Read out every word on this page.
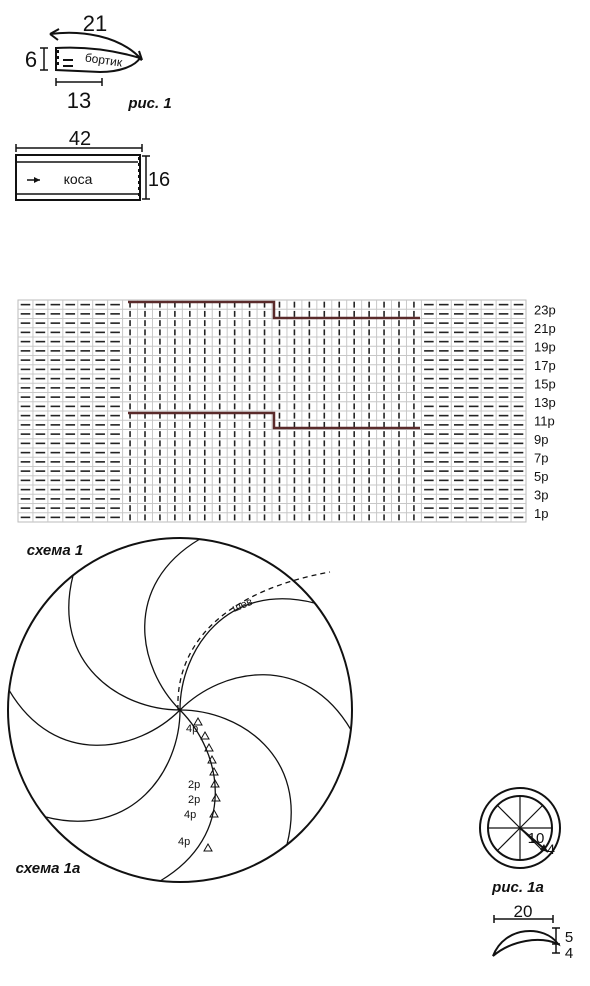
21
бортик
6
13 рис. 1
42
коса	16
23р
21р
19р
17р
15р
13р
11р
9р
7р
5р
3р
1р
схема 1
шев
4р
2р
2р
4р
4р
схема 1а
10
4
рис. 1а
20
5
4
